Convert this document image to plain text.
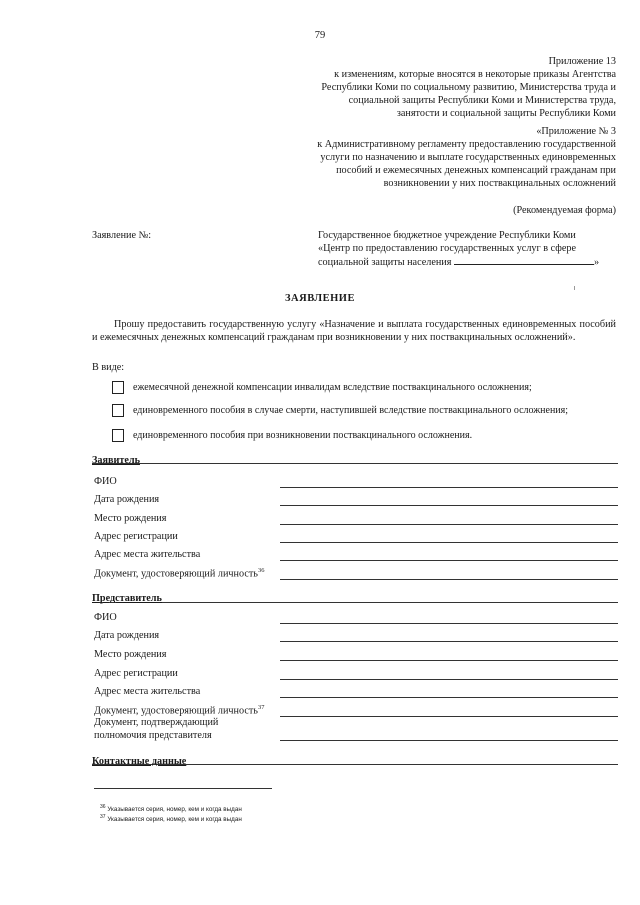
79
Приложение 13
к изменениям, которые вносятся в некоторые приказы Агентства
Республики Коми по социальному развитию, Министерства труда и
социальной защиты Республики Коми и Министерства труда,
занятости и социальной защиты Республики Коми
«Приложение № 3
к Административному регламенту предоставлению государственной
услуги по назначению и выплате государственных единовременных
пособий и ежемесячных денежных компенсаций гражданам при
возникновении у них поствакцинальных осложнений
(Рекомендуемая форма)
Заявление №:	Государственное бюджетное учреждение Республики Коми
«Центр по предоставлению государственных услуг в сфере
социальной защиты населения	»
ЗАЯВЛЕНИЕ
Прошу предоставить государственную услугу «Назначение и выплата государственных единовременных пособий и ежемесячных денежных компенсаций гражданам при возникновении у них поствакцинальных осложнений».
В виде:
ежемесячной денежной компенсации инвалидам вследствие поствакцинального осложнения;
единовременного пособия в случае смерти, наступившей вследствие поствакцинального осложнения;
единовременного пособия при возникновении поствакцинального осложнения.
Заявитель
ФИО
Дата рождения
Место рождения
Адрес регистрации
Адрес места жительства
Документ, удостоверяющий личность$^{36}$
Представитель
ФИО
Дата рождения
Место рождения
Адрес регистрации
Адрес места жительства
Документ, удостоверяющий личность$^{37}$
Документ, подтверждающий
полномочия представителя
Контактные данные
$^{36}$ Указывается серия, номер, кем и когда выдан
$^{37}$ Указывается серия, номер, кем и когда выдан
